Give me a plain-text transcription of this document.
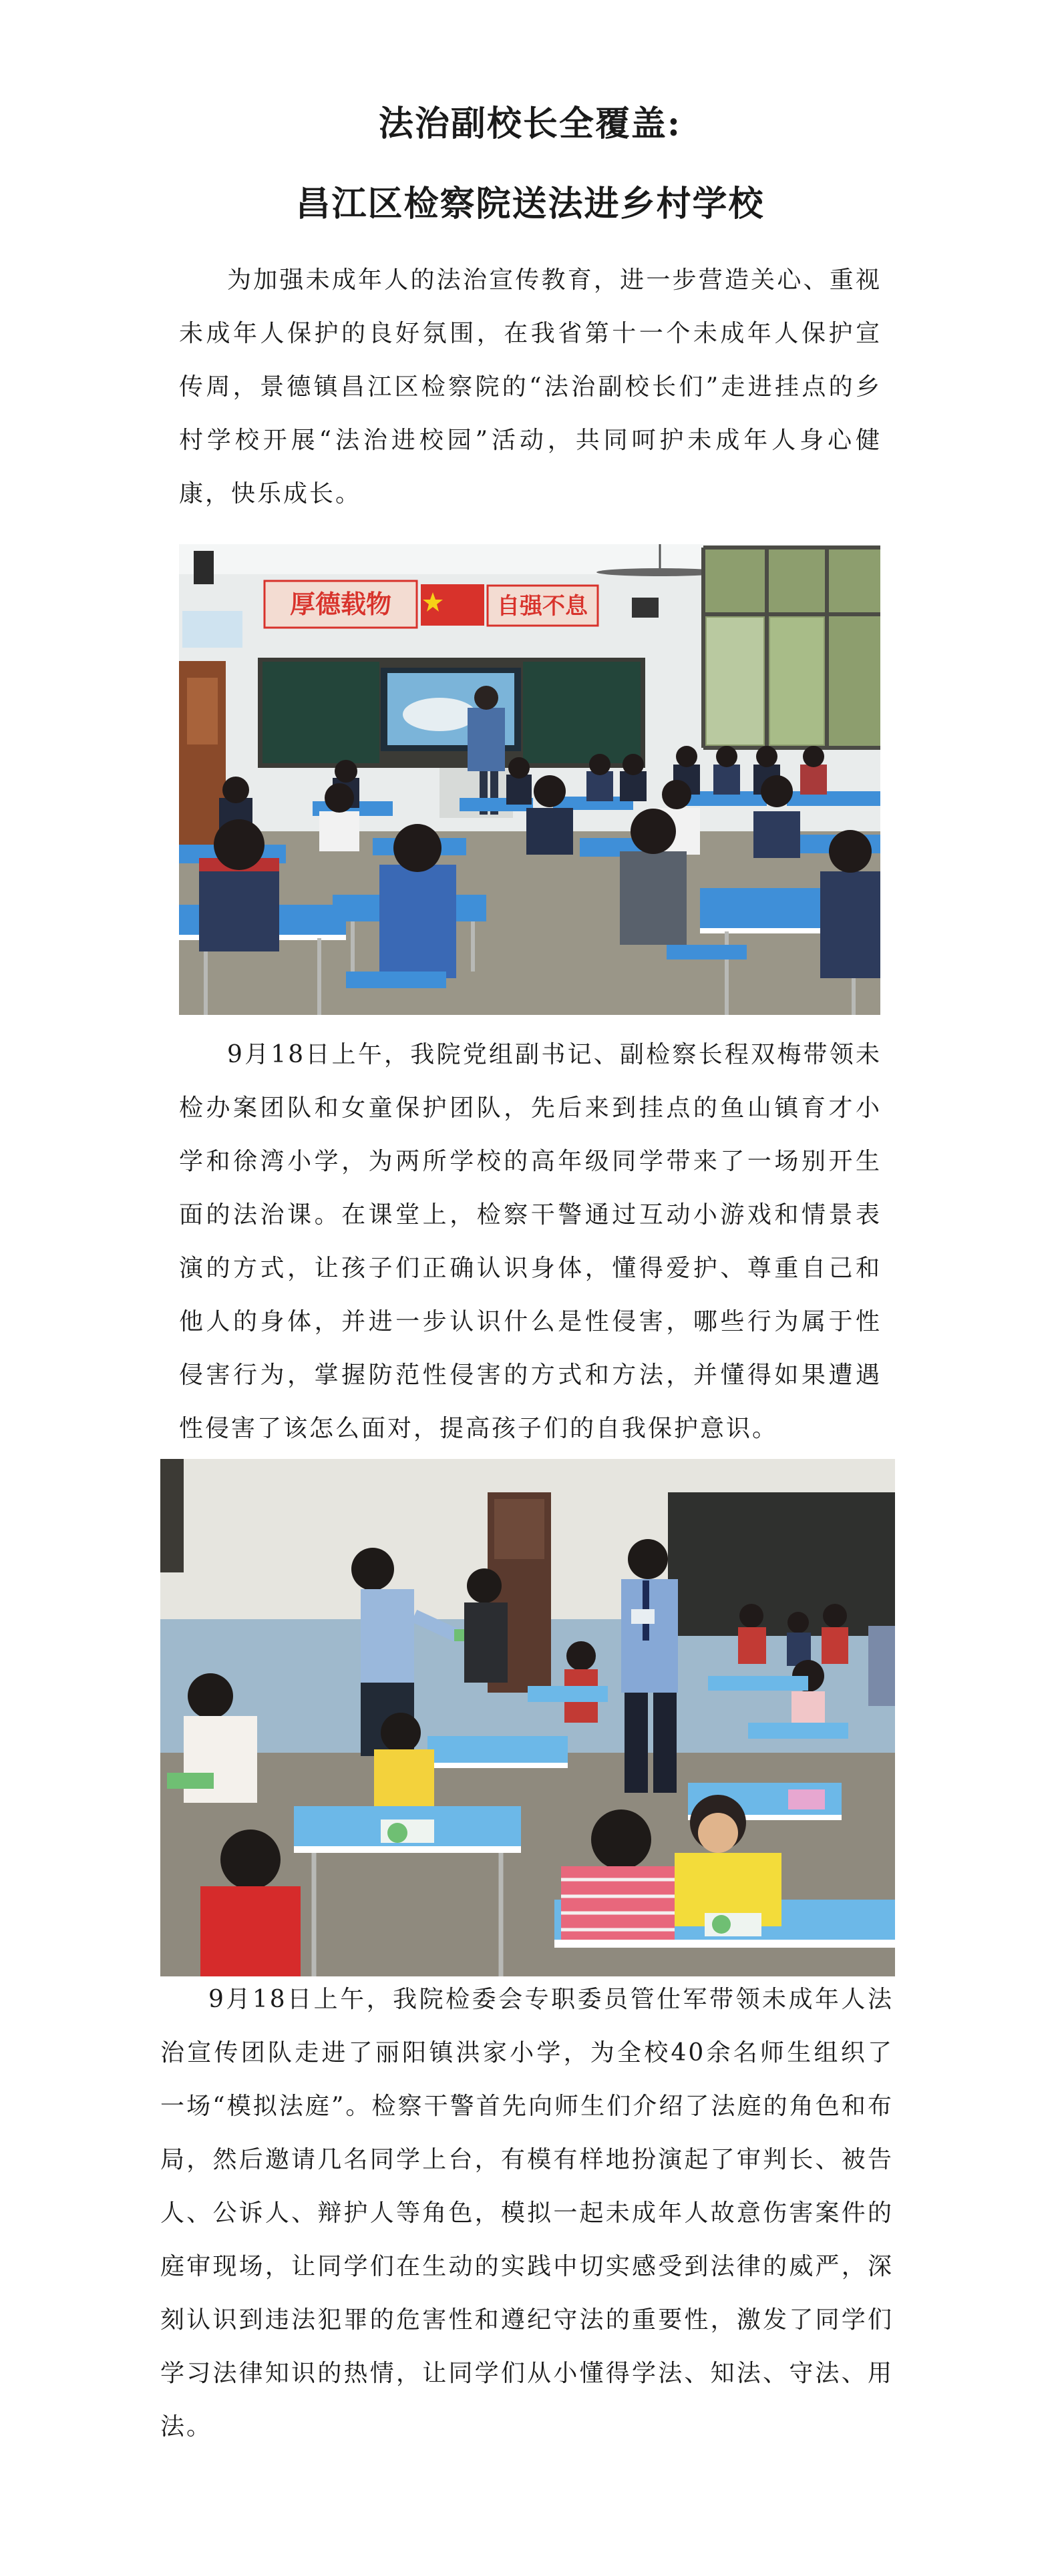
法治副校长全覆盖:
昌江区检察院送法进乡村学校

为加强未成年人的法治宣传教育，进一步营造关心、重视未成年人保护的良好氛围，在我省第十一个未成年人保护宣传周，景德镇昌江区检察院的“法治副校长们”走进挂点的乡村学校开展“法治进校园”活动，共同呵护未成年人身心健康，快乐成长。

厚德载物	自强不息

9月18日上午，我院党组副书记、副检察长程双梅带领未检办案团队和女童保护团队，先后来到挂点的鱼山镇育才小学和徐湾小学，为两所学校的高年级同学带来了一场别开生面的法治课。在课堂上，检察干警通过互动小游戏和情景表演的方式，让孩子们正确认识身体，懂得爱护、尊重自己和他人的身体，并进一步认识什么是性侵害，哪些行为属于性侵害行为，掌握防范性侵害的方式和方法，并懂得如果遭遇性侵害了该怎么面对，提高孩子们的自我保护意识。

9月18日上午，我院检委会专职委员管仕军带领未成年人法治宣传团队走进了丽阳镇洪家小学，为全校40余名师生组织了一场“模拟法庭”。检察干警首先向师生们介绍了法庭的角色和布局，然后邀请几名同学上台，有模有样地扮演起了审判长、被告人、公诉人、辩护人等角色，模拟一起未成年人故意伤害案件的庭审现场，让同学们在生动的实践中切实感受到法律的威严，深刻认识到违法犯罪的危害性和遵纪守法的重要性，激发了同学们学习法律知识的热情，让同学们从小懂得学法、知法、守法、用法。
